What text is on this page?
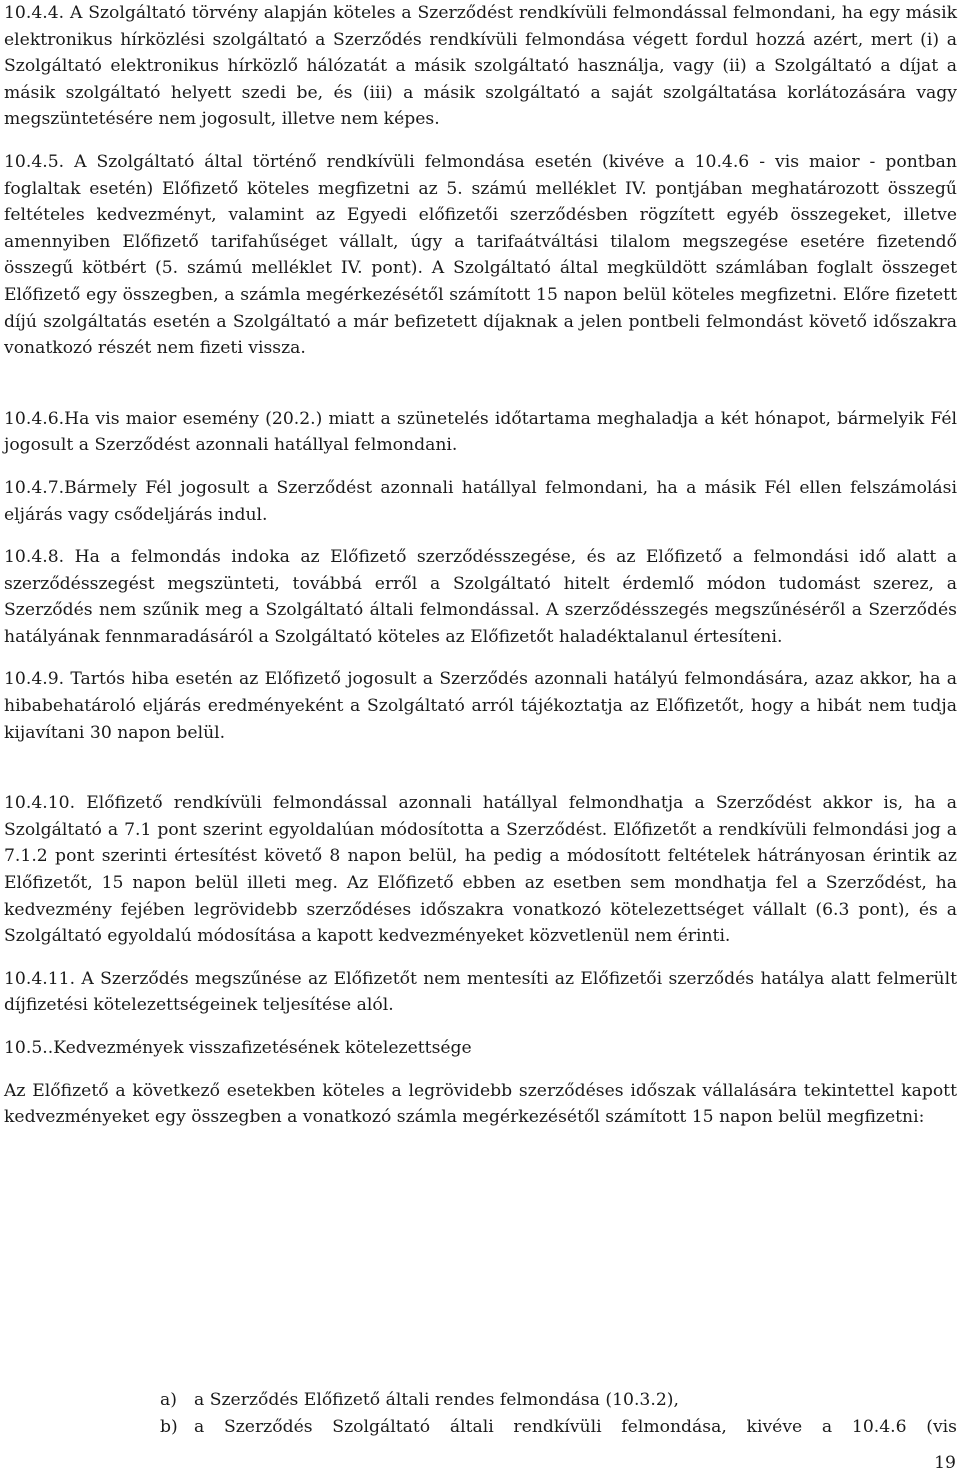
10.4.4. A Szolgáltató törvény alapján köteles a Szerződést rendkívüli felmondással felmondani, ha egy másik elektronikus hírközlési szolgáltató a Szerződés rendkívüli felmondása végett fordul hozzá azért, mert (i) a Szolgáltató elektronikus hírközlő hálózatát a másik szolgáltató használja, vagy (ii) a Szolgáltató a díjat a másik szolgáltató helyett szedi be, és (iii) a másik szolgáltató a saját szolgáltatása korlátozására vagy megszüntetésére nem jogosult, illetve nem képes.

10.4.5. A Szolgáltató által történő rendkívüli felmondása esetén (kivéve a 10.4.6 - vis maior - pontban foglaltak esetén) Előfizető köteles megfizetni az 5. számú melléklet IV. pontjában meghatározott összegű feltételes kedvezményt, valamint az Egyedi előfizetői szerződésben rögzített egyéb összegeket, illetve amennyiben Előfizető tarifahűséget vállalt, úgy a tarifaátváltási tilalom megszegése esetére fizetendő összegű kötbért (5. számú melléklet IV. pont). A Szolgáltató által megküldött számlában foglalt összeget Előfizető egy összegben, a számla megérkezésétől számított 15 napon belül köteles megfizetni. Előre fizetett díjú szolgáltatás esetén a Szolgáltató a már befizetett díjaknak a jelen pontbeli felmondást követő időszakra vonatkozó részét nem fizeti vissza.

10.4.6.Ha vis maior esemény (20.2.) miatt a szünetelés időtartama meghaladja a két hónapot, bármelyik Fél jogosult a Szerződést azonnali hatállyal felmondani.

10.4.7.Bármely Fél jogosult a Szerződést azonnali hatállyal felmondani, ha a másik Fél ellen felszámolási eljárás vagy csődeljárás indul.

10.4.8. Ha a felmondás indoka az Előfizető szerződésszegése, és az Előfizető a felmondási idő alatt a szerződésszegést megszünteti, továbbá erről a Szolgáltató hitelt érdemlő módon tudomást szerez, a Szerződés nem szűnik meg a Szolgáltató általi felmondással. A szerződésszegés megszűnéséről a Szerződés hatályának fennmaradásáról a Szolgáltató köteles az Előfizetőt haladéktalanul értesíteni.

10.4.9. Tartós hiba esetén az Előfizető jogosult a Szerződés azonnali hatályú felmondására, azaz akkor, ha a hibabehatároló eljárás eredményeként a Szolgáltató arról tájékoztatja az Előfizetőt, hogy a hibát nem tudja kijavítani 30 napon belül.

10.4.10. Előfizető rendkívüli felmondással azonnali hatállyal felmondhatja a Szerződést akkor is, ha a Szolgáltató a 7.1 pont szerint egyoldalúan módosította a Szerződést. Előfizetőt a rendkívüli felmondási jog a 7.1.2 pont szerinti értesítést követő 8 napon belül, ha pedig a módosított feltételek hátrányosan érintik az Előfizetőt, 15 napon belül illeti meg. Az Előfizető ebben az esetben sem mondhatja fel a Szerződést, ha kedvezmény fejében legrövidebb szerződéses időszakra vonatkozó kötelezettséget vállalt (6.3 pont), és a Szolgáltató egyoldalú módosítása a kapott kedvezményeket közvetlenül nem érinti.

10.4.11. A Szerződés megszűnése az Előfizetőt nem mentesíti az Előfizetői szerződés hatálya alatt felmerült díjfizetési kötelezettségeinek teljesítése alól.

10.5..Kedvezmények visszafizetésének kötelezettsége

Az Előfizető a következő esetekben köteles a legrövidebb szerződéses időszak vállalására tekintettel kapott kedvezményeket egy összegben a vonatkozó számla megérkezésétől számított 15 napon belül megfizetni:

a) a Szerződés Előfizető általi rendes felmondása (10.3.2),
b) a Szerződés Szolgáltató általi rendkívüli felmondása, kivéve a 10.4.6 (vis
19
